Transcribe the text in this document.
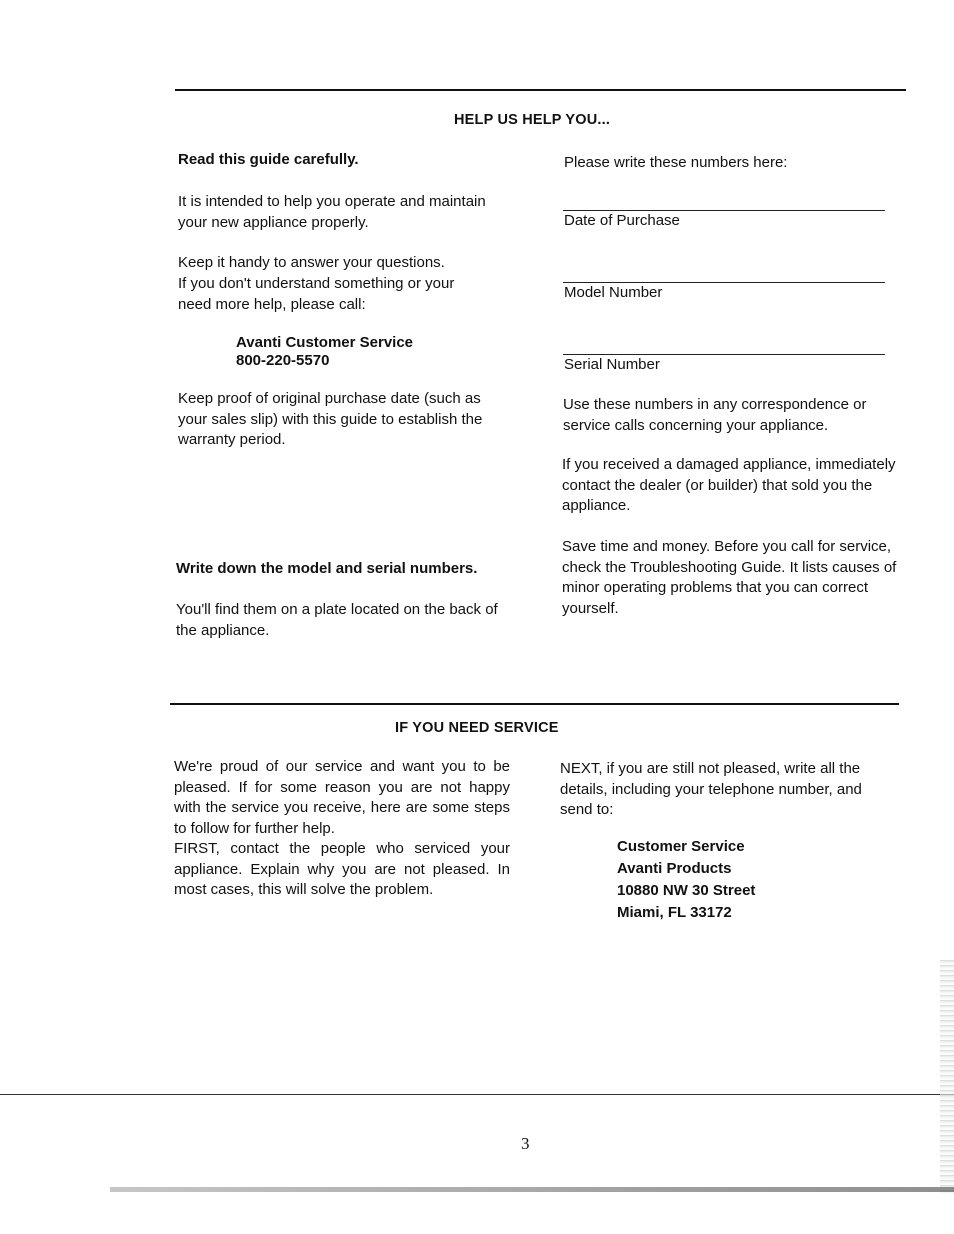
HELP US HELP YOU...
Read this guide carefully.

It is intended to help you operate and maintain your new appliance properly.

Keep it handy to answer your questions.

If you don't understand something or your need more help, please call:

Avanti Customer Service
800-220-5570

Keep proof of original purchase date (such as your sales slip) with this guide to establish the warranty period.

Write down the model and serial numbers.

You'll find them on a plate located on the back of the appliance.

Please write these numbers here:
Date of Purchase
Model Number
Serial Number

Use these numbers in any correspondence or service calls concerning your appliance.

If you received a damaged appliance, immediately contact the dealer (or builder) that sold you the appliance.

Save time and money. Before you call for service, check the Troubleshooting Guide. It lists causes of minor operating problems that you can correct yourself.

IF YOU NEED SERVICE

We're proud of our service and want you to be pleased. If for some reason you are not happy with the service you receive, here are some steps to follow for further help.

FIRST, contact the people who serviced your appliance. Explain why you are not pleased. In most cases, this will solve the problem.

NEXT, if you are still not pleased, write all the details, including your telephone number, and send to:

Customer Service
Avanti Products
10880 NW 30 Street
Miami, FL 33172
3
